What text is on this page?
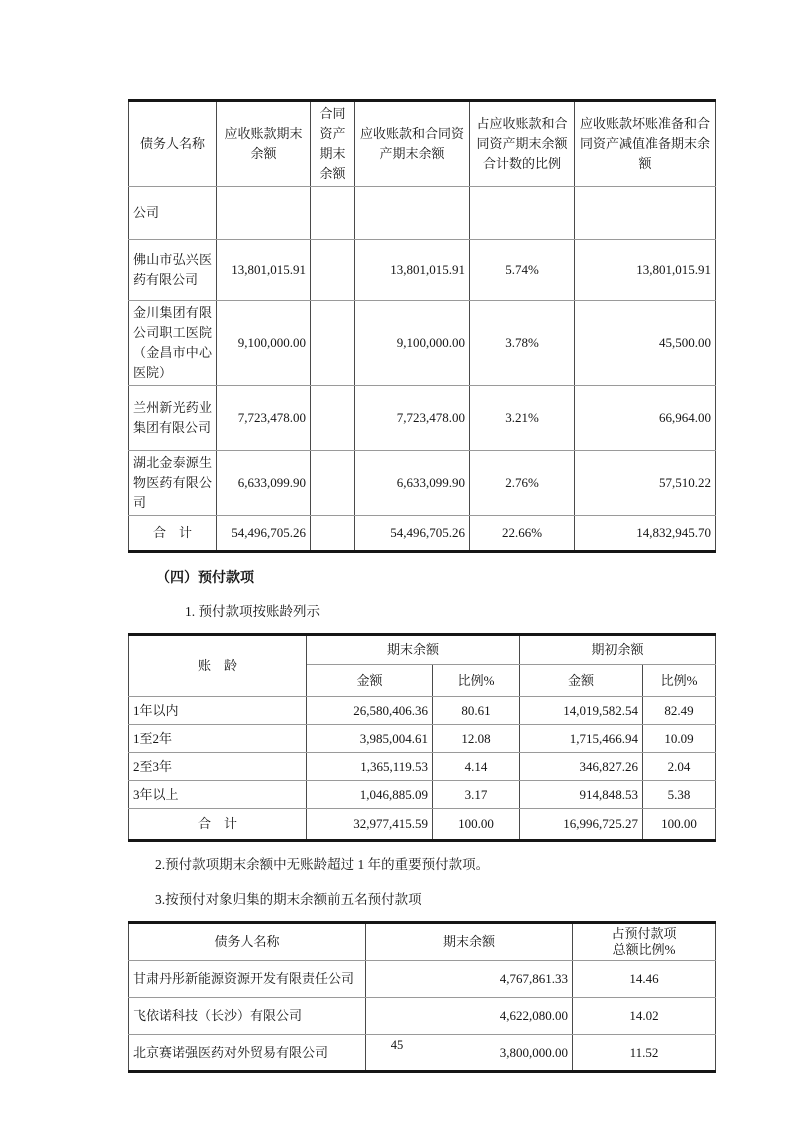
债务人名称	应收账款期末余额	合同资产期末余额	应收账款和合同资产期末余额	占应收账款和合同资产期末余额合计数的比例	应收账款坏账准备和合同资产减值准备期末余额
公司					
佛山市弘兴医药有限公司	13,801,015.91		13,801,015.91	5.74%	13,801,015.91
金川集团有限公司职工医院（金昌市中心医院）	9,100,000.00		9,100,000.00	3.78%	45,500.00
兰州新光药业集团有限公司	7,723,478.00		7,723,478.00	3.21%	66,964.00
湖北金泰源生物医药有限公司	6,633,099.90		6,633,099.90	2.76%	57,510.22
合　计	54,496,705.26		54,496,705.26	22.66%	14,832,945.70
（四）预付款项
1. 预付款项按账龄列示
账　龄	期末余额		期初余额	
	金额	比例%	金额	比例%
1年以内	26,580,406.36	80.61	14,019,582.54	82.49
1至2年	3,985,004.61	12.08	1,715,466.94	10.09
2至3年	1,365,119.53	4.14	346,827.26	2.04
3年以上	1,046,885.09	3.17	914,848.53	5.38
合　计	32,977,415.59	100.00	16,996,725.27	100.00
2.预付款项期末余额中无账龄超过 1 年的重要预付款项。
3.按预付对象归集的期末余额前五名预付款项
债务人名称	期末余额	占预付款项
总额比例%
甘肃丹彤新能源资源开发有限责任公司	4,767,861.33	14.46
飞依诺科技（长沙）有限公司	4,622,080.00	14.02
北京赛诺强医药对外贸易有限公司	3,800,000.00	11.52
45
